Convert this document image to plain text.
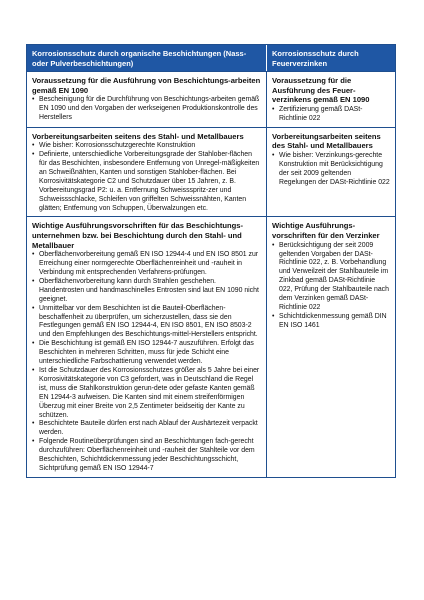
Korrosionsschutz durch organische Beschichtungen (Nass- oder Pulverbeschichtungen)
Korrosionsschutz durch Feuerverzinken
Voraussetzung für die Ausführung von Beschichtungs-arbeiten gemäß EN 1090
• Bescheinigung für die Durchführung von Beschichtungs-arbeiten gemäß EN 1090 und den Vorgaben der werkseigenen Produktionskontrolle des Herstellers
Voraussetzung für die Ausführung des Feuer-verzinkens gemäß EN 1090
• Zertifizierung gemäß DASt-Richtlinie 022
Vorbereitungsarbeiten seitens des Stahl- und Metallbauers
• Wie bisher: Korrosionsschutzgerechte Konstruktion
• Definierte, unterschiedliche Vorbereitungsgrade der Stahlober-flächen für das Beschichten, insbesondere Entfernung von Unregel-mäßigkeiten an Schweißnähten, Kanten und sonstigen Stahlober-flächen. Bei Korrosivitätskategorie C2 und Schutzdauer über 15 Jahren, z. B. Vorbereitungsgrad P2: u. a. Entfernung Schweissspritz-zer und Schweissschlacke, Schleifen von griffelten Schweissnähten, Kanten glätten; Entfernung von Schuppen, Überwalzungen etc.
Vorbereitungsarbeiten seitens des Stahl- und Metallbauers
• Wie bisher: Verzinkungs-gerechte Konstruktion mit Berücksichtigung der seit 2009 geltenden Regelungen der DASt-Richtlinie 022
Wichtige Ausführungsvorschriften für das Beschichtungs-unternehmen bzw. bei Beschichtung durch den Stahl- und Metallbauer
• Oberflächenvorbereitung gemäß EN ISO 12944-4 und EN ISO 8501 zur Erreichung einer normgerechte Oberflächenreinheit und -rauheit in Verbindung mit entsprechenden Verfahrens-prüfungen.
• Oberflächenvorbereitung kann durch Strahlen geschehen. Handentrosten und handmaschinelles Entrosten sind laut EN 1090 nicht geeignet.
• Unmittelbar vor dem Beschichten ist die Bauteil-Oberflächen-beschaffenheit zu überprüfen, um sicherzustellen, dass sie den Festlegungen gemäß EN ISO 12944-4, EN ISO 8501, EN ISO 8503-2 und den Empfehlungen des Beschichtungs-mittel-Herstellers entspricht.
• Die Beschichtung ist gemäß EN ISO 12944-7 auszuführen. Erfolgt das Beschichten in mehreren Schritten, muss für jede Schicht eine unterschiedliche Farbschattierung verwendet werden.
• Ist die Schutzdauer des Korrosionsschutzes größer als 5 Jahre bei einer Korrosivitätskategorie von C3 gefordert, was in Deutschland die Regel ist, muss die Stahlkonstruktion gerun-dete oder gefaste Kanten gemäß EN 12944-3 aufweisen. Die Kanten sind mit einem streifenförmigen Überzug mit einer Breite von 2,5 Zentimeter beidseitig der Kante zu schützen.
• Beschichtete Bauteile dürfen erst nach Ablauf der Aushärtezeit verpackt werden.
• Folgende Routineüberprüfungen sind an Beschichtungen fach-gerecht durchzuführen: Oberflächenreinheit und -rauheit der Stahlteile vor dem Beschichten, Schichtdickenmessung jeder Beschichtungsschicht, Sichtprüfung gemäß EN ISO 12944-7
Wichtige Ausführungs-vorschriften für den Verzinker
• Berücksichtigung der seit 2009 geltenden Vorgaben der DASt-Richtlinie 022, z. B. Vorbehandlung und Verweilzeit der Stahlbauteile im Zinkbad gemäß DASt-Richtlinie 022, Prüfung der Stahlbauteile nach dem Verzinken gemäß DASt-Richtlinie 022
• Schichtdickenmessung gemäß DIN EN ISO 1461
